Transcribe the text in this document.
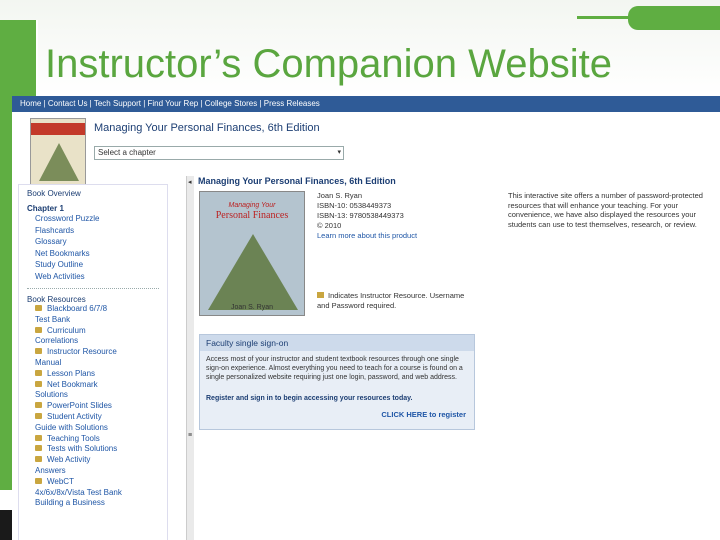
Instructor’s Companion Website
Home | Contact Us | Tech Support | Find Your Rep | College Stores | Press Releases
Managing Your Personal Finances, 6th Edition
Select a chapter	▾
Book Overview
Chapter 1
Crossword Puzzle
Flashcards
Glossary
Net Bookmarks
Study Outline
Web Activities
Book Resources
Blackboard 6/7/8
Test Bank
Curriculum
Correlations
Instructor Resource
Manual
Lesson Plans
Net Bookmark
Solutions
PowerPoint Slides
Student Activity
Guide with Solutions
Teaching Tools
Tests with Solutions
Web Activity
Answers
WebCT
4x/6x/8x/Vista Test Bank
Building a Business
◂
≡
Managing Your Personal Finances, 6th Edition
Managing Your
Personal Finances
Joan S. Ryan
Joan S. Ryan
ISBN-10: 0538449373
ISBN-13: 9780538449373
© 2010
Learn more about this product
Indicates Instructor Resource. Username and Password required.
This interactive site offers a number of password-protected resources that will enhance your teaching. For your convenience, we have also displayed the resources your students can use to test themselves, research, or review.
Faculty single sign-on
Access most of your instructor and student textbook resources through one single sign-on experience. Almost everything you need to teach for a course is found on a single personalized website requiring just one login, password, and web address.
Register and sign in to begin accessing your resources today.
CLICK HERE to register
